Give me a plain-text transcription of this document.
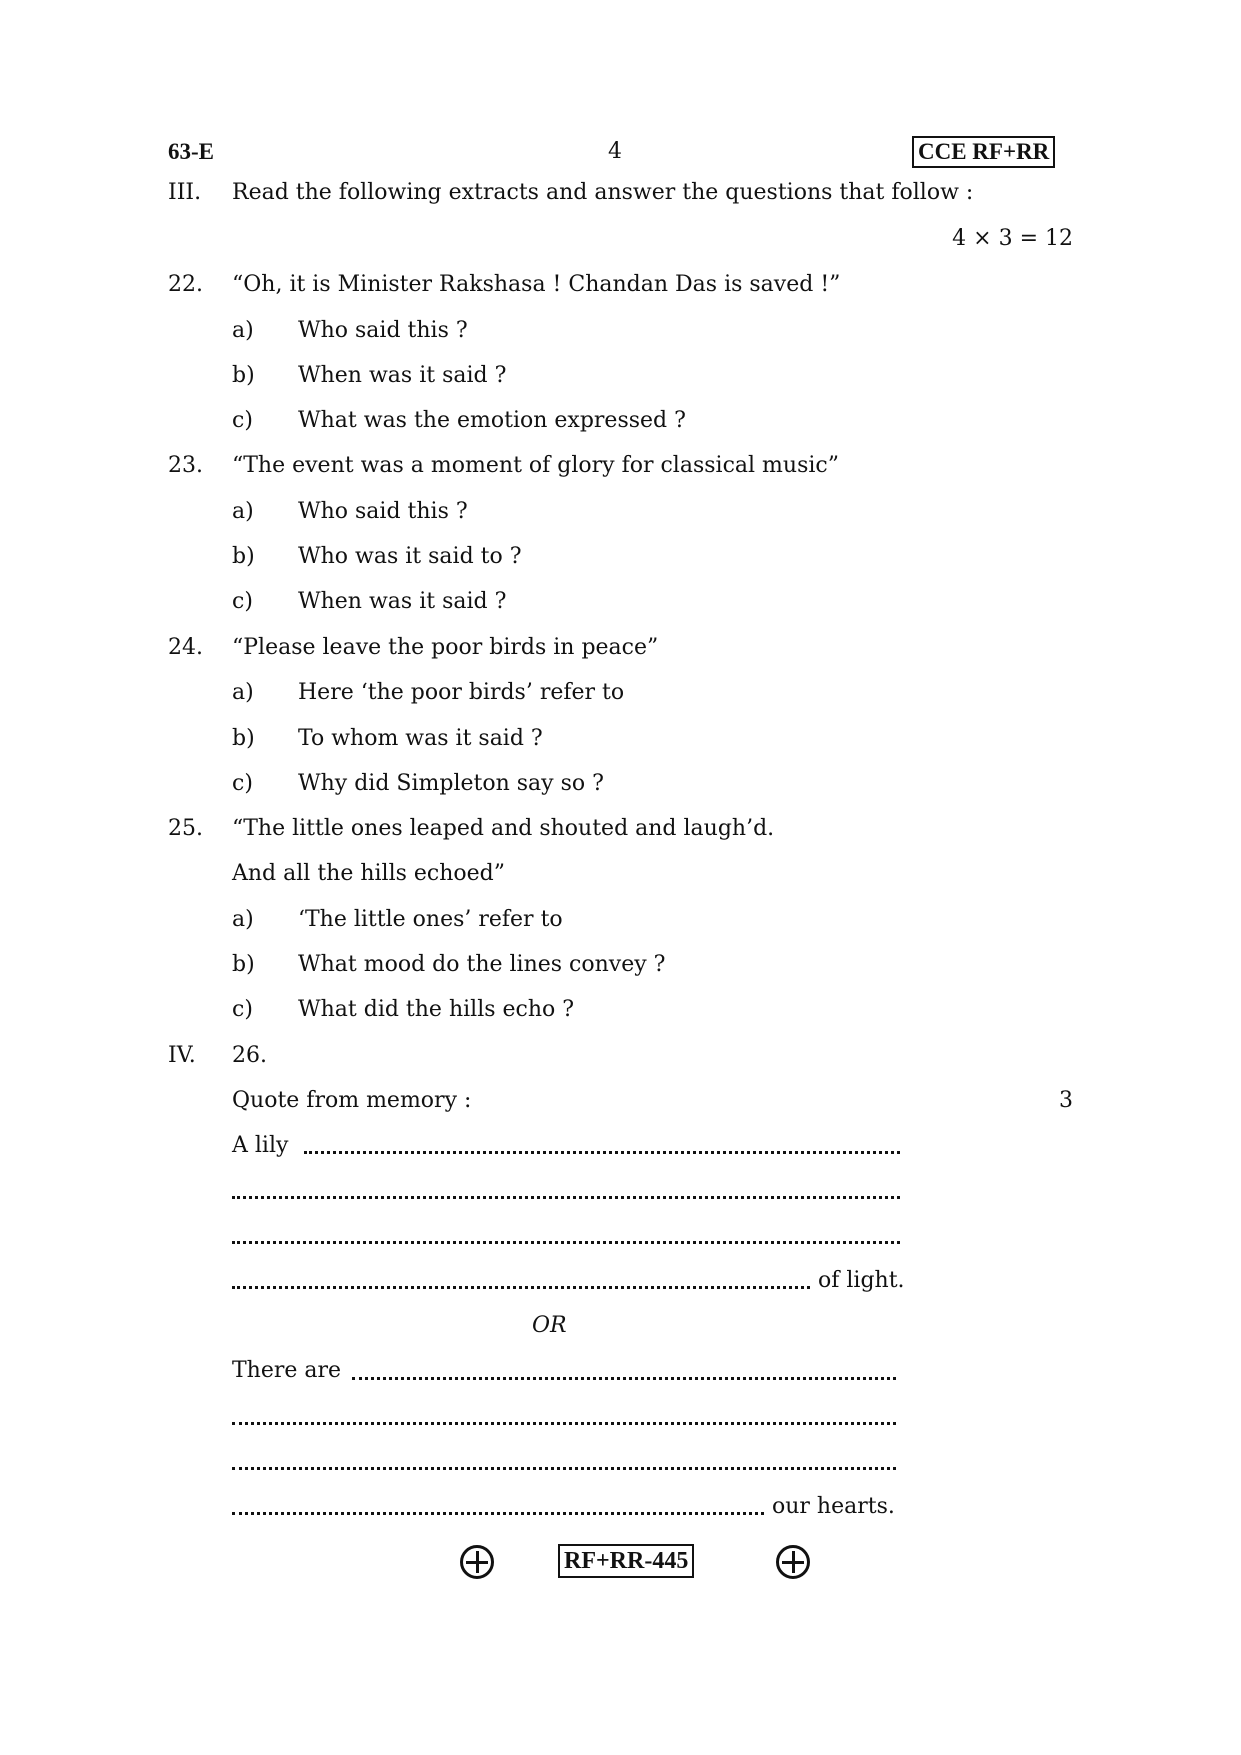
63-E	4	CCE RF+RR
III. Read the following extracts and answer the questions that follow :
4 × 3 = 12
22. “Oh, it is Minister Rakshasa ! Chandan Das is saved !”
a) Who said this ?
b) When was it said ?
c) What was the emotion expressed ?
23. “The event was a moment of glory for classical music”
a) Who said this ?
b) Who was it said to ?
c) When was it said ?
24. “Please leave the poor birds in peace”
a) Here ‘the poor birds’ refer to
b) To whom was it said ?
c) Why did Simpleton say so ?
25. “The little ones leaped and shouted and laugh’d.
And all the hills echoed”
a) ‘The little ones’ refer to
b) What mood do the lines convey ?
c) What did the hills echo ?
IV. 26.
Quote from memory :	3
A lily
of light.
OR
There are
our hearts.
RF+RR-445
